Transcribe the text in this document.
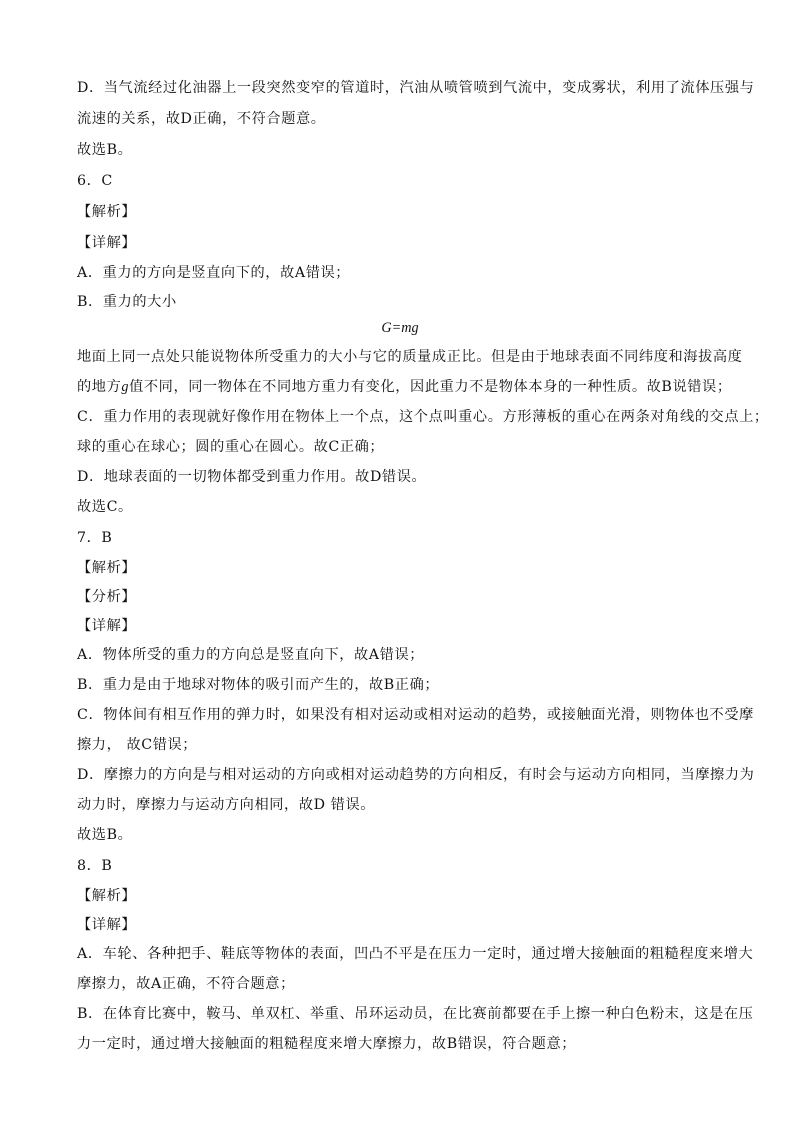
D．当气流经过化油器上一段突然变窄的管道时，汽油从喷管喷到气流中，变成雾状，利用了流体压强与
流速的关系，故D正确，不符合题意。
故选B。
6．C
【解析】
【详解】
A．重力的方向是竖直向下的，故A错误；
B．重力的大小
G=mg
地面上同一点处只能说物体所受重力的大小与它的质量成正比。但是由于地球表面不同纬度和海拔高度
的地方g值不同，同一物体在不同地方重力有变化，因此重力不是物体本身的一种性质。故B说错误；
C．重力作用的表现就好像作用在物体上一个点，这个点叫重心。方形薄板的重心在两条对角线的交点上；
球的重心在球心；圆的重心在圆心。故C正确；
D．地球表面的一切物体都受到重力作用。故D错误。
故选C。
7．B
【解析】
【分析】
【详解】
A．物体所受的重力的方向总是竖直向下，故A错误；
B．重力是由于地球对物体的吸引而产生的，故B正确；
C．物体间有相互作用的弹力时，如果没有相对运动或相对运动的趋势，或接触面光滑，则物体也不受摩
擦力， 故C错误；
D．摩擦力的方向是与相对运动的方向或相对运动趋势的方向相反，有时会与运动方向相同，当摩擦力为
动力时，摩擦力与运动方向相同，故D 错误。
故选B。
8．B
【解析】
【详解】
A．车轮、各种把手、鞋底等物体的表面，凹凸不平是在压力一定时，通过增大接触面的粗糙程度来增大
摩擦力，故A正确，不符合题意；
B．在体育比赛中，鞍马、单双杠、举重、吊环运动员，在比赛前都要在手上擦一种白色粉末，这是在压
力一定时，通过增大接触面的粗糙程度来增大摩擦力，故B错误，符合题意；
